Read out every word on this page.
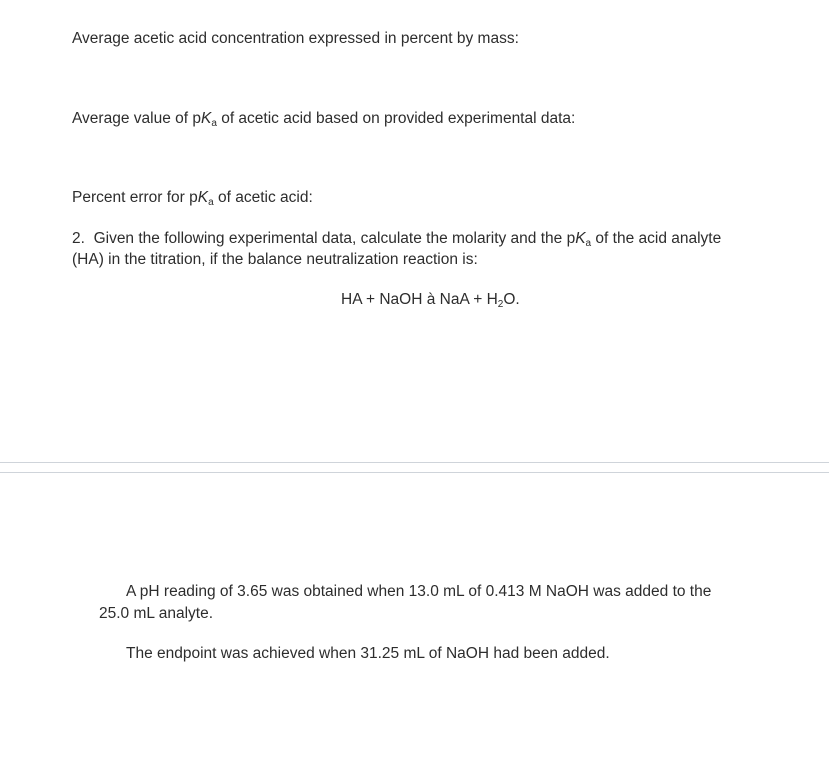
Average acetic acid concentration expressed in percent by mass:
Average value of $pK_a$ of acetic acid based on provided experimental data:
Percent error for $pK_a$ of acetic acid:
2. Given the following experimental data, calculate the molarity and the $pK_a$ of the acid analyte
(HA) in the titration, if the balance neutralization reaction is:
HA + NaOH à NaA + $H_2O$.
A pH reading of 3.65 was obtained when 13.0 mL of 0.413 M NaOH was added to the
25.0 mL analyte.
The endpoint was achieved when 31.25 mL of NaOH had been added.
